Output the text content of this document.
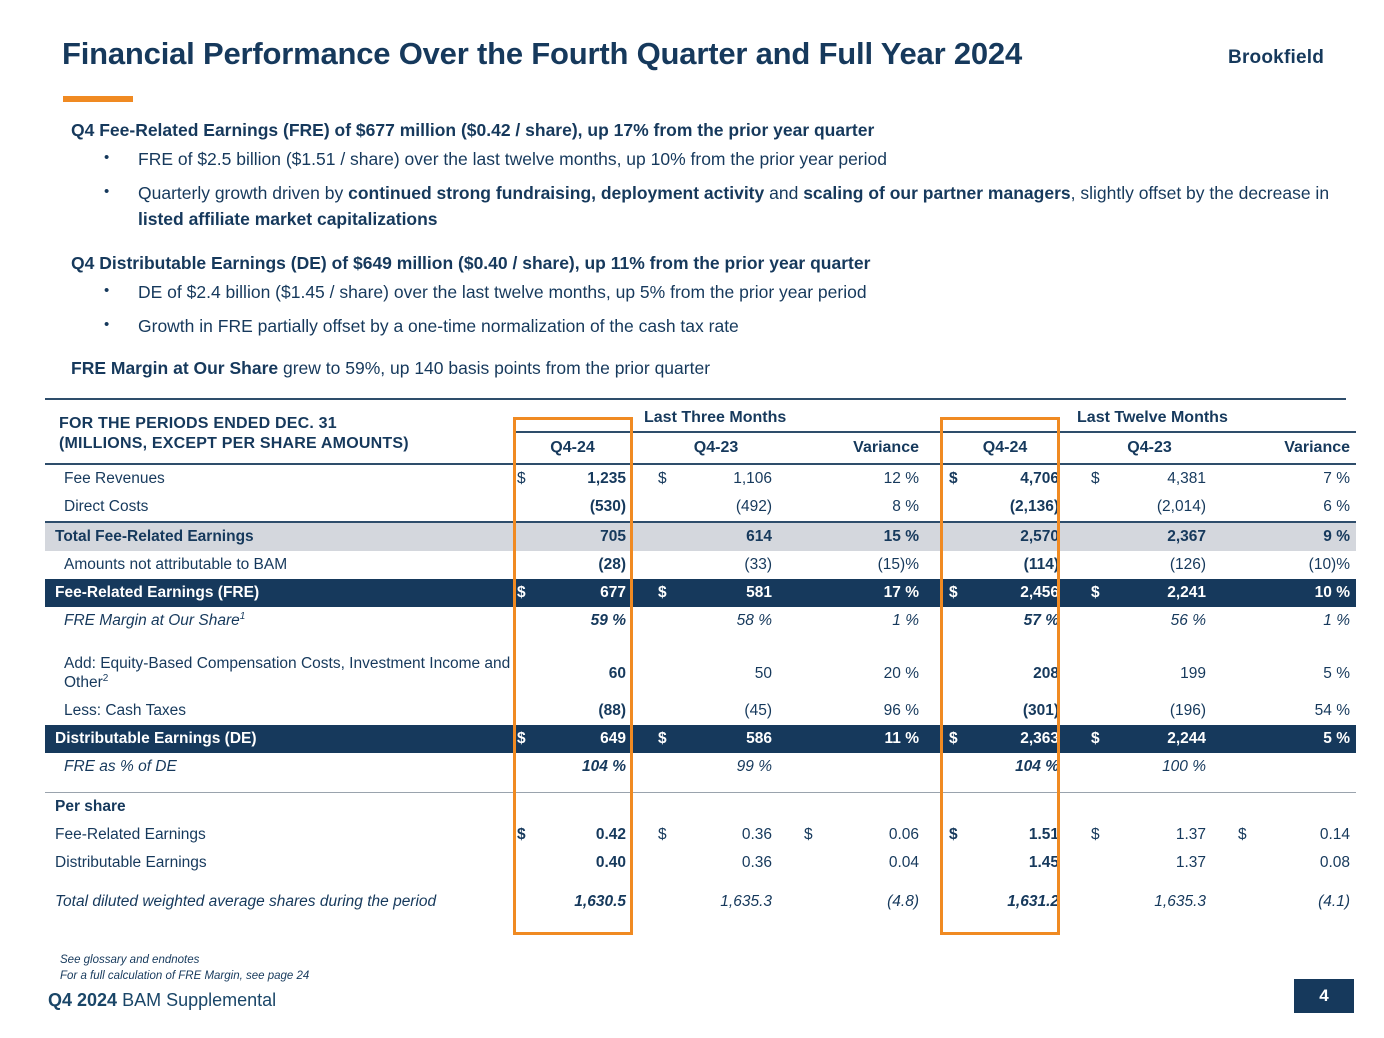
Financial Performance Over the Fourth Quarter and Full Year 2024	Brookfield
Q4 Fee-Related Earnings (FRE) of $677 million ($0.42 / share), up 17% from the prior year quarter
•	FRE of $2.5 billion ($1.51 / share) over the last twelve months, up 10% from the prior year period
•	Quarterly growth driven by continued strong fundraising, deployment activity and scaling of our partner managers, slightly offset by the decrease in listed affiliate market capitalizations
Q4 Distributable Earnings (DE) of $649 million ($0.40 / share), up 11% from the prior year quarter
•	DE of $2.4 billion ($1.45 / share) over the last twelve months, up 5% from the prior year period
•	Growth in FRE partially offset by a one-time normalization of the cash tax rate
FRE Margin at Our Share grew to 59%, up 140 basis points from the prior quarter
FOR THE PERIODS ENDED DEC. 31
(MILLIONS, EXCEPT PER SHARE AMOUNTS)			Last Three Months									Last Twelve Months					
	Q4-24			Q4-23			Variance			Q4-24			Q4-23			Variance	
Fee Revenues	$	1,235		$	1,106			12 %		$	4,706		$	4,381			7 %
Direct Costs		(530)			(492)			8 %			(2,136)			(2,014)			6 %
Total Fee-Related Earnings		705			614			15 %			2,570			2,367			9 %
Amounts not attributable to BAM		(28)			(33)			(15)%			(114)			(126)			(10)%
Fee-Related Earnings (FRE)	$	677		$	581			17 %		$	2,456		$	2,241			10 %
FRE Margin at Our Share$^1$		59 %			58 %			1 %			57 %			56 %			1 %

Add: Equity-Based Compensation Costs, Investment Income and Other$^2$		60			50			20 %			208			199			5 %
Less: Cash Taxes		(88)			(45)			96 %			(301)			(196)			54 %
Distributable Earnings (DE)	$	649		$	586			11 %		$	2,363		$	2,244			5 %
FRE as % of DE		104 %			99 %						104 %			100 %			

Per share																	
Fee-Related Earnings	$	0.42		$	0.36		$	0.06		$	1.51		$	1.37		$	0.14
Distributable Earnings		0.40			0.36			0.04			1.45			1.37			0.08

Total diluted weighted average shares during the period		1,630.5			1,635.3			(4.8)			1,631.2			1,635.3			(4.1)
See glossary and endnotes
For a full calculation of FRE Margin, see page 24
Q4 2024 BAM Supplemental	4
